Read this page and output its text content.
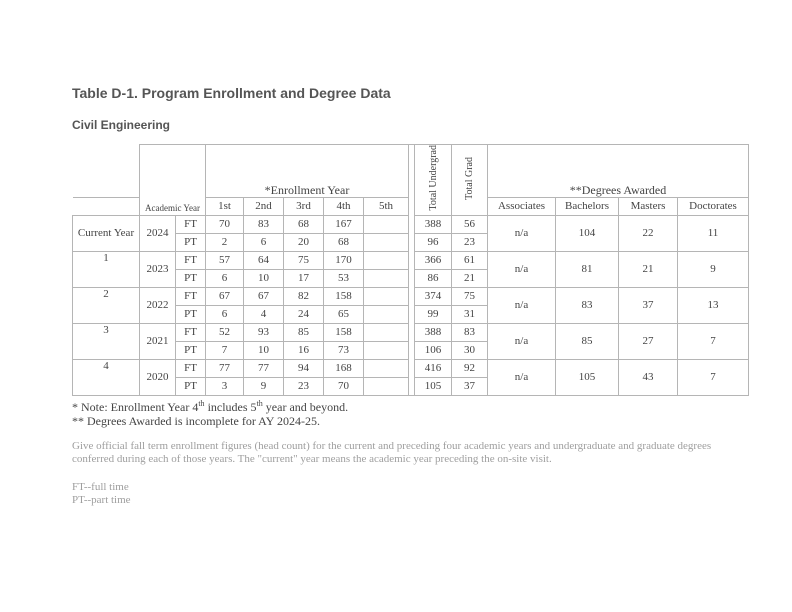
Table D-1. Program Enrollment and Degree Data
Civil Engineering
	Academic Year		*Enrollment Year						Total Undergrad	Total Grad	**Degrees Awarded			
			1st	2nd	3rd	4th	5th				Associates	Bachelors	Masters	Doctorates
Current Year	2024	FT	70	83	68	167			388	56	n/a	104	22	11
		PT	2	6	20	68			96	23				
1	2023	FT	57	64	75	170			366	61	n/a	81	21	9
		PT	6	10	17	53			86	21				
2	2022	FT	67	67	82	158			374	75	n/a	83	37	13
		PT	6	4	24	65			99	31				
3	2021	FT	52	93	85	158			388	83	n/a	85	27	7
		PT	7	10	16	73			106	30				
4	2020	FT	77	77	94	168			416	92	n/a	105	43	7
		PT	3	9	23	70			105	37				
* Note: Enrollment Year 4th includes 5th year and beyond.
** Degrees Awarded is incomplete for AY 2024-25.
Give official fall term enrollment figures (head count) for the current and preceding four academic years and undergraduate and graduate degrees conferred during each of those years. The "current" year means the academic year preceding the on-site visit.
FT--full time
PT--part time
